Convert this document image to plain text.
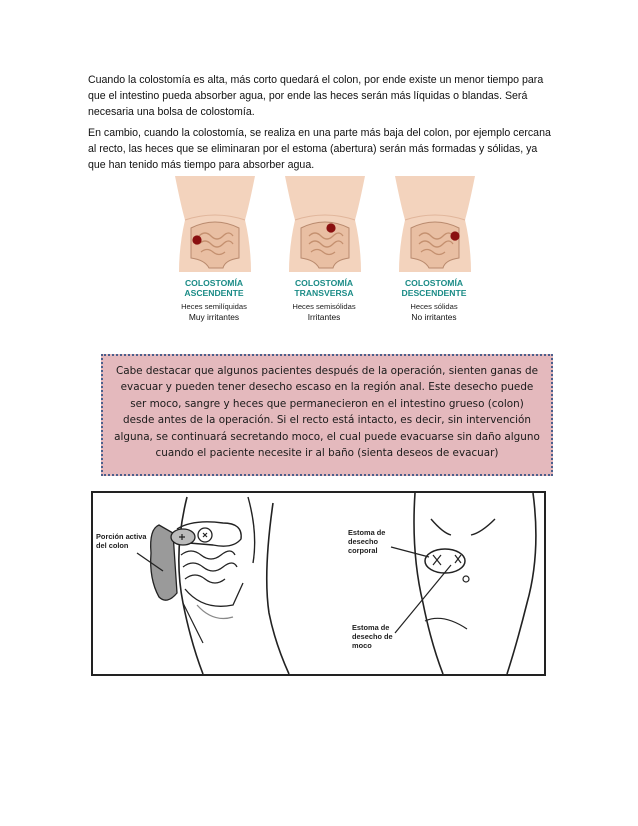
Cuando la colostomía es alta, más corto quedará el colon, por ende existe un menor tiempo para que el intestino pueda absorber agua, por ende las heces serán más líquidas o blandas. Será necesaria una bolsa de colostomía.

En cambio, cuando la colostomía, se realiza en una parte más baja del colon, por ejemplo cercana al recto, las heces que se eliminaran por el estoma (abertura) serán más formadas y sólidas, ya que han tenido más tiempo para absorber agua.

COLOSTOMÍA
ASCENDENTE
Heces semilíquidas
Muy irritantes
COLOSTOMÍA
TRANSVERSA
Heces semisólidas
Irritantes
COLOSTOMÍA
DESCENDENTE
Heces sólidas
No irritantes

Cabe destacar que algunos pacientes después de la operación, sienten ganas de evacuar y pueden tener desecho escaso en la región anal. Este desecho puede ser moco, sangre y heces que permanecieron en el intestino grueso (colon) desde antes de la operación. Si el recto está intacto, es decir, sin intervención alguna, se continuará secretando moco, el cual puede evacuarse sin daño alguno cuando el paciente necesite ir al baño (sienta deseos de evacuar)

Porción activa del colon
Estoma de desecho corporal
Estoma de desecho de moco
